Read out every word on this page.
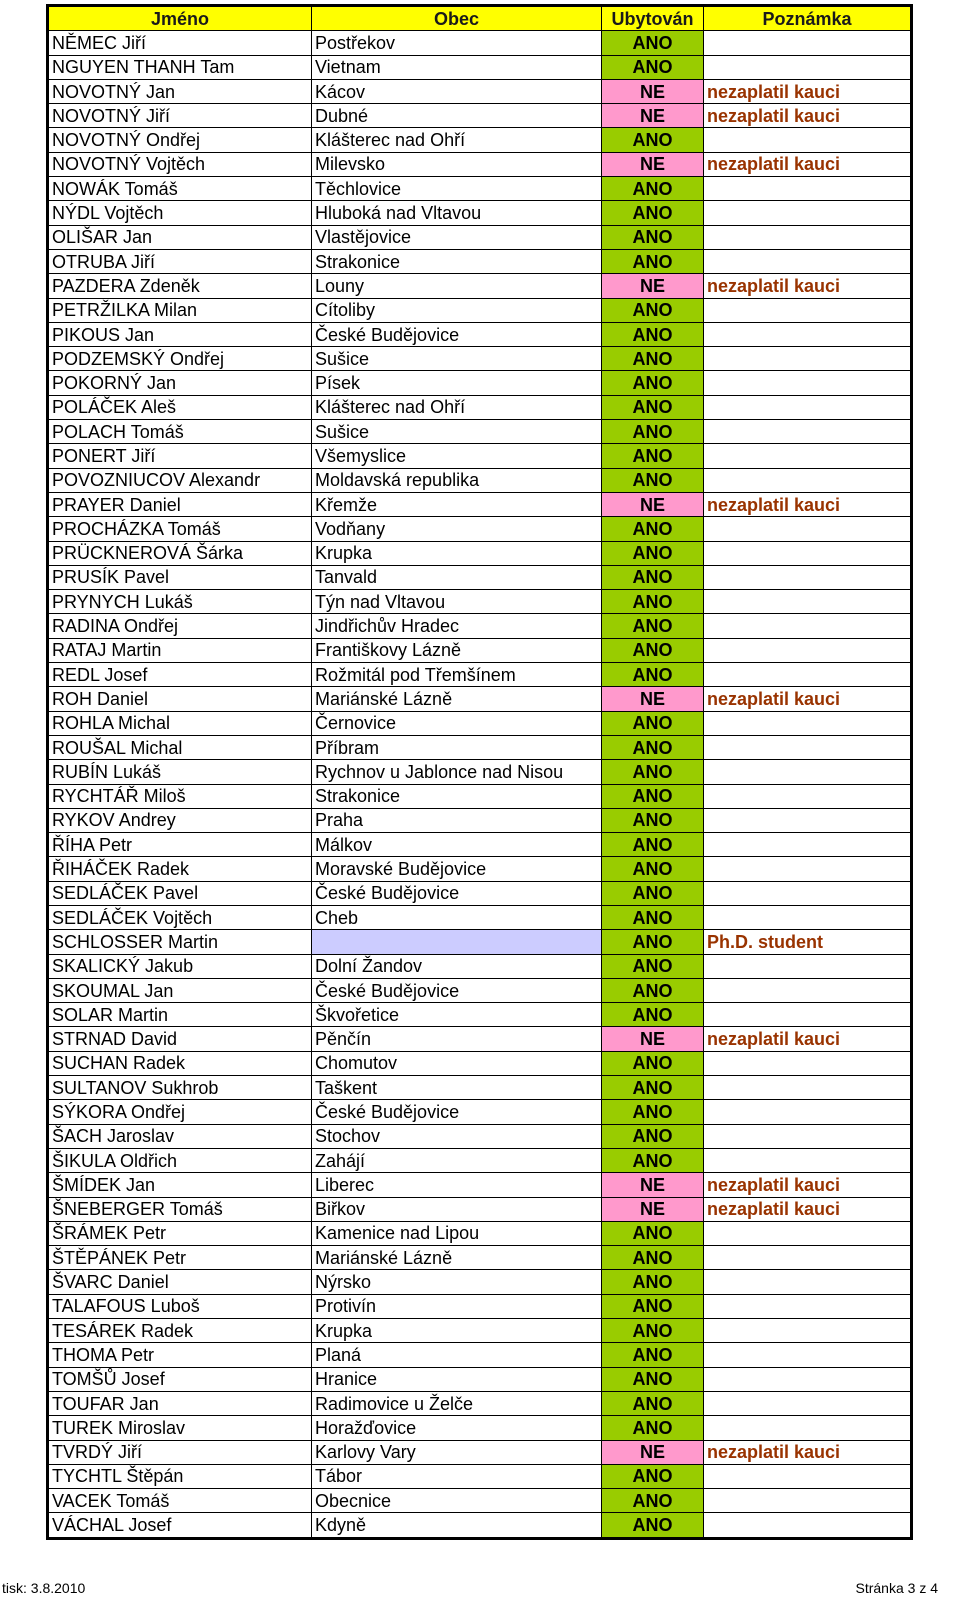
Jméno	Obec	Ubytován	Poznámka
NĚMEC Jiří	Postřekov	ANO	
NGUYEN THANH Tam	Vietnam	ANO	
NOVOTNÝ Jan	Kácov	NE	nezaplatil kauci
NOVOTNÝ Jiří	Dubné	NE	nezaplatil kauci
NOVOTNÝ Ondřej	Klášterec nad Ohří	ANO	
NOVOTNÝ Vojtěch	Milevsko	NE	nezaplatil kauci
NOWÁK Tomáš	Těchlovice	ANO	
NÝDL Vojtěch	Hluboká nad Vltavou	ANO	
OLIŠAR Jan	Vlastějovice	ANO	
OTRUBA Jiří	Strakonice	ANO	
PAZDERA Zdeněk	Louny	NE	nezaplatil kauci
PETRŽILKA Milan	Cítoliby	ANO	
PIKOUS Jan	České Budějovice	ANO	
PODZEMSKÝ Ondřej	Sušice	ANO	
POKORNÝ Jan	Písek	ANO	
POLÁČEK Aleš	Klášterec nad Ohří	ANO	
POLACH Tomáš	Sušice	ANO	
PONERT Jiří	Všemyslice	ANO	
POVOZNIUCOV Alexandr	Moldavská republika	ANO	
PRAYER Daniel	Křemže	NE	nezaplatil kauci
PROCHÁZKA Tomáš	Vodňany	ANO	
PRÜCKNEROVÁ Šárka	Krupka	ANO	
PRUSÍK Pavel	Tanvald	ANO	
PRYNYCH Lukáš	Týn nad Vltavou	ANO	
RADINA Ondřej	Jindřichův Hradec	ANO	
RATAJ Martin	Františkovy Lázně	ANO	
REDL Josef	Rožmitál pod Třemšínem	ANO	
ROH Daniel	Mariánské Lázně	NE	nezaplatil kauci
ROHLA Michal	Černovice	ANO	
ROUŠAL Michal	Příbram	ANO	
RUBÍN Lukáš	Rychnov u Jablonce nad Nisou	ANO	
RYCHTÁŘ Miloš	Strakonice	ANO	
RYKOV Andrey	Praha	ANO	
ŘÍHA Petr	Málkov	ANO	
ŘIHÁČEK Radek	Moravské Budějovice	ANO	
SEDLÁČEK Pavel	České Budějovice	ANO	
SEDLÁČEK Vojtěch	Cheb	ANO	
SCHLOSSER Martin		ANO	Ph.D. student
SKALICKÝ Jakub	Dolní Žandov	ANO	
SKOUMAL Jan	České Budějovice	ANO	
SOLAR Martin	Škvořetice	ANO	
STRNAD David	Pěnčín	NE	nezaplatil kauci
SUCHAN Radek	Chomutov	ANO	
SULTANOV Sukhrob	Taškent	ANO	
SÝKORA Ondřej	České Budějovice	ANO	
ŠACH Jaroslav	Stochov	ANO	
ŠIKULA Oldřich	Zahájí	ANO	
ŠMÍDEK Jan	Liberec	NE	nezaplatil kauci
ŠNEBERGER Tomáš	Biřkov	NE	nezaplatil kauci
ŠRÁMEK Petr	Kamenice nad Lipou	ANO	
ŠTĚPÁNEK Petr	Mariánské Lázně	ANO	
ŠVARC Daniel	Nýrsko	ANO	
TALAFOUS Luboš	Protivín	ANO	
TESÁREK Radek	Krupka	ANO	
THOMA Petr	Planá	ANO	
TOMŠŮ Josef	Hranice	ANO	
TOUFAR Jan	Radimovice u Želče	ANO	
TUREK Miroslav	Horažďovice	ANO	
TVRDÝ Jiří	Karlovy Vary	NE	nezaplatil kauci
TYCHTL Štěpán	Tábor	ANO	
VACEK Tomáš	Obecnice	ANO	
VÁCHAL Josef	Kdyně	ANO	
tisk: 3.8.2010	Stránka 3 z 4
